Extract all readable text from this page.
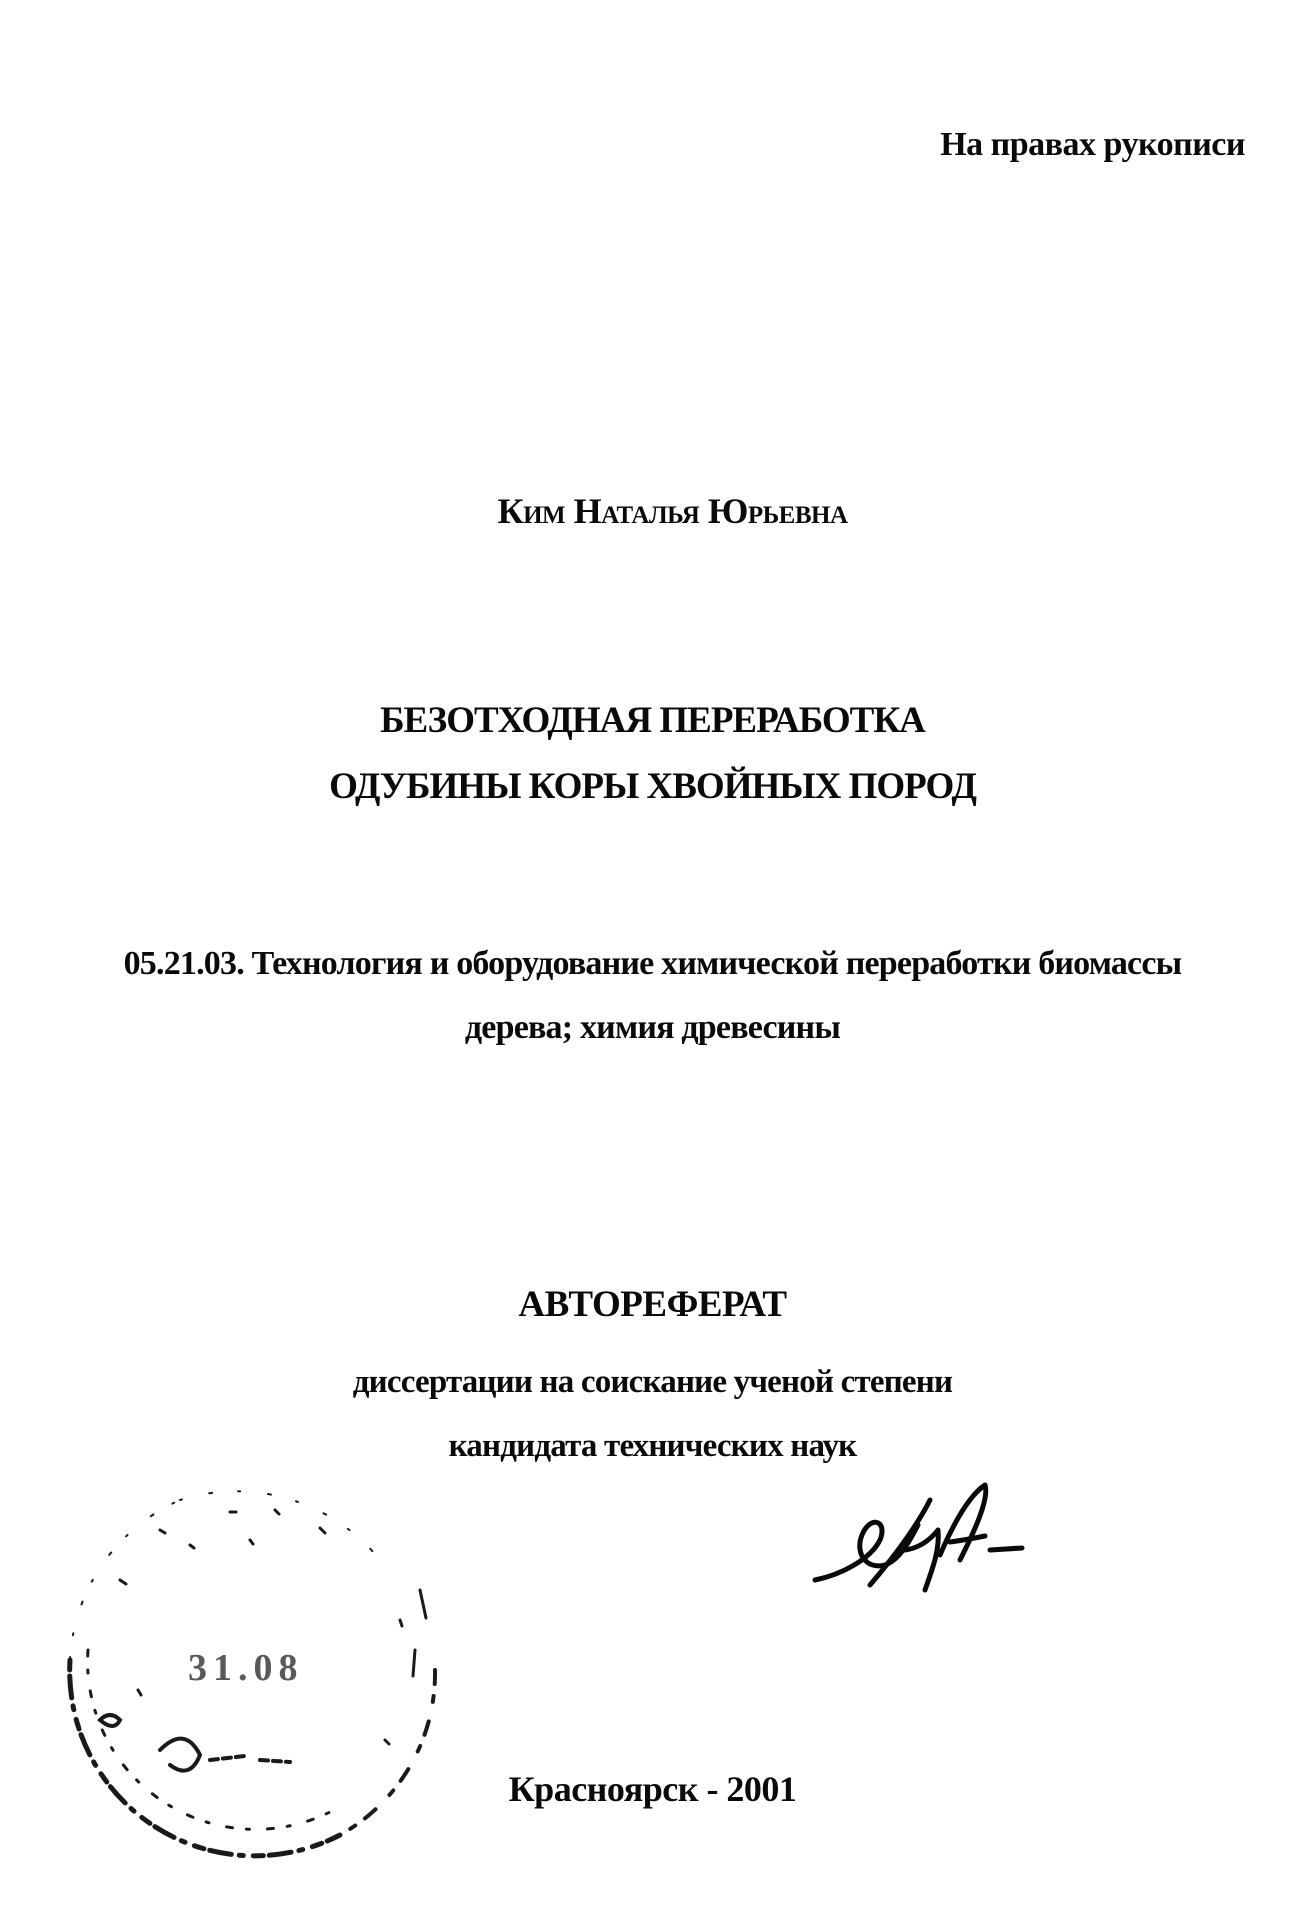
На правах рукописи
Ким Наталья Юрьевна
БЕЗОТХОДНАЯ ПЕРЕРАБОТКА
ОДУБИНЫ КОРЫ ХВОЙНЫХ ПОРОД
05.21.03. Технология и оборудование химической переработки биомассы
дерева; химия древесины
АВТОРЕФЕРАТ
диссертации на соискание ученой степени
кандидата технических наук
31.08
Красноярск - 2001
